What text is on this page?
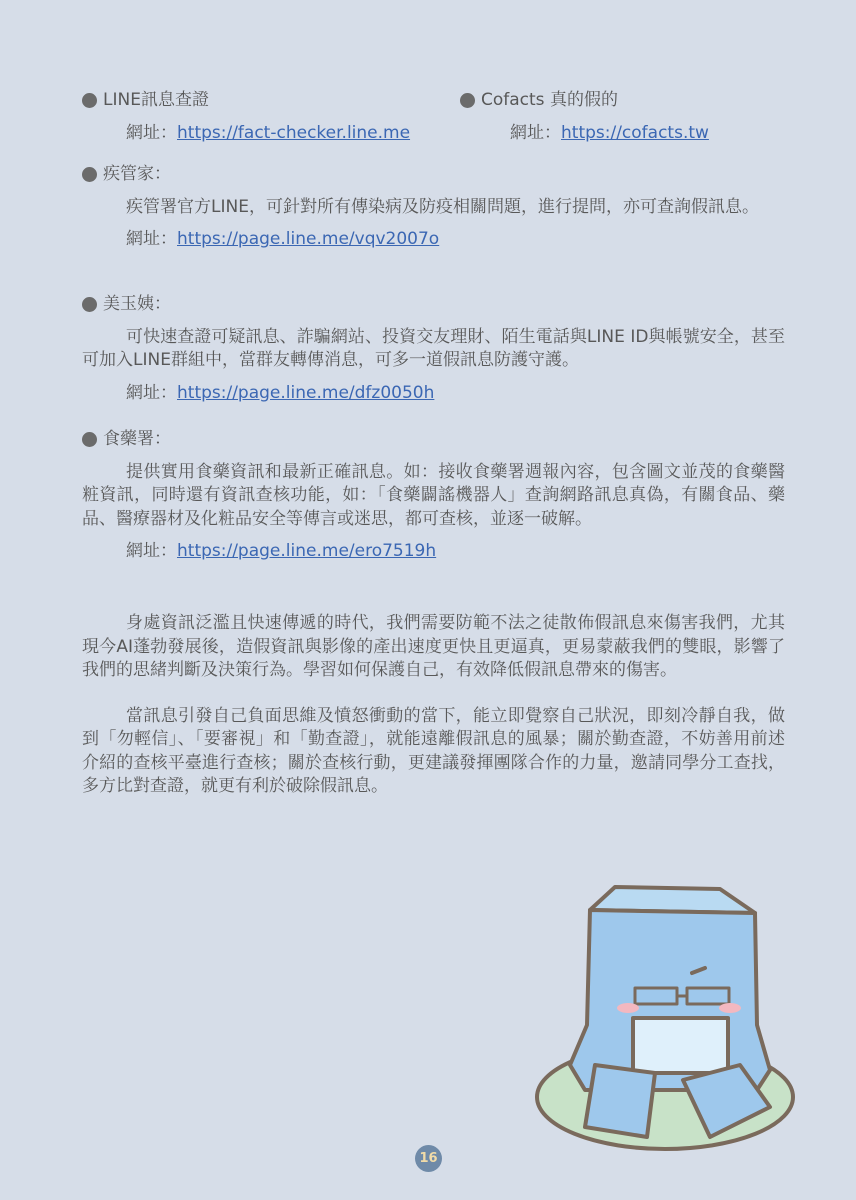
LINE訊息查證
網址：https://fact-checker.line.me
Cofacts 真的假的
網址：https://cofacts.tw
疾管家：

疾管署官方LINE，可針對所有傳染病及防疫相關問題，進行提問，亦可查詢假訊息。

網址：https://page.line.me/vqv2007o
美玉姨：

可快速查證可疑訊息、詐騙網站、投資交友理財、陌生電話與LINE ID與帳號安全，甚至可加入LINE群組中，當群友轉傳消息，可多一道假訊息防護守護。

網址：https://page.line.me/dfz0050h
食藥署：

提供實用食藥資訊和最新正確訊息。如：接收食藥署週報內容，包含圖文並茂的食藥醫粧資訊，同時還有資訊查核功能，如：「食藥闢謠機器人」查詢網路訊息真偽，有關食品、藥品、醫療器材及化粧品安全等傳言或迷思，都可查核，並逐一破解。

網址：https://page.line.me/ero7519h

身處資訊泛濫且快速傳遞的時代，我們需要防範不法之徒散佈假訊息來傷害我們，尤其現今AI蓬勃發展後，造假資訊與影像的產出速度更快且更逼真，更易蒙蔽我們的雙眼，影響了我們的思緒判斷及決策行為。學習如何保護自己，有效降低假訊息帶來的傷害。

當訊息引發自己負面思維及憤怒衝動的當下，能立即覺察自己狀況，即刻冷靜自我，做到「勿輕信」、「要審視」和「勤查證」，就能遠離假訊息的風暴；關於勤查證，不妨善用前述介紹的查核平臺進行查核；關於查核行動，更建議發揮團隊合作的力量，邀請同學分工查找，多方比對查證，就更有利於破除假訊息。

16
